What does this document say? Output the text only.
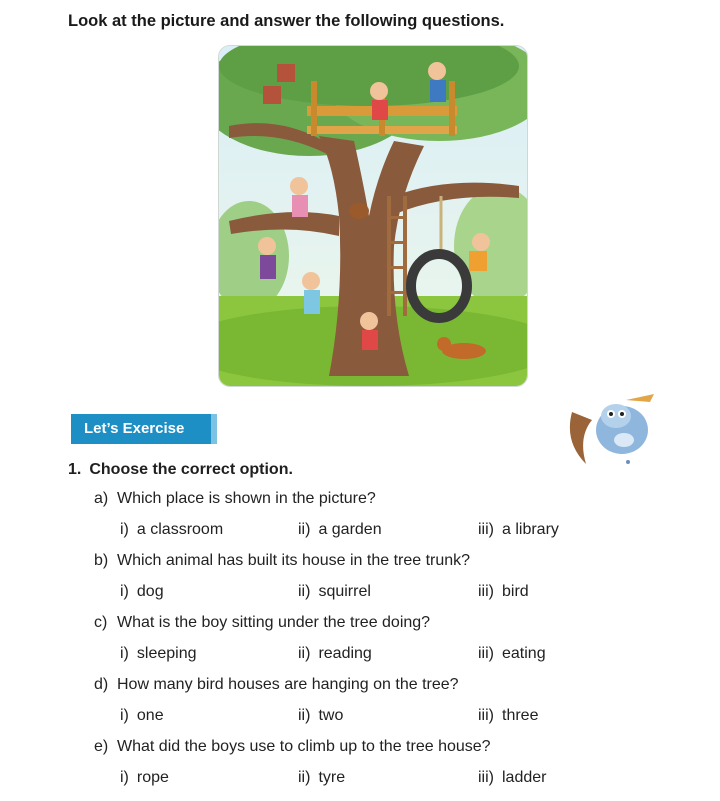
Look at the picture and answer the following questions.
Let’s Exercise
1. Choose the correct option.
a) Which place is shown in the picture?
i) a classroom	ii) a garden	iii) a library
b) Which animal has built its house in the tree trunk?
i) dog	ii) squirrel	iii) bird
c) What is the boy sitting under the tree doing?
i) sleeping	ii) reading	iii) eating
d) How many bird houses are hanging on the tree?
i) one	ii) two	iii) three
e) What did the boys use to climb up to the tree house?
i) rope	ii) tyre	iii) ladder
